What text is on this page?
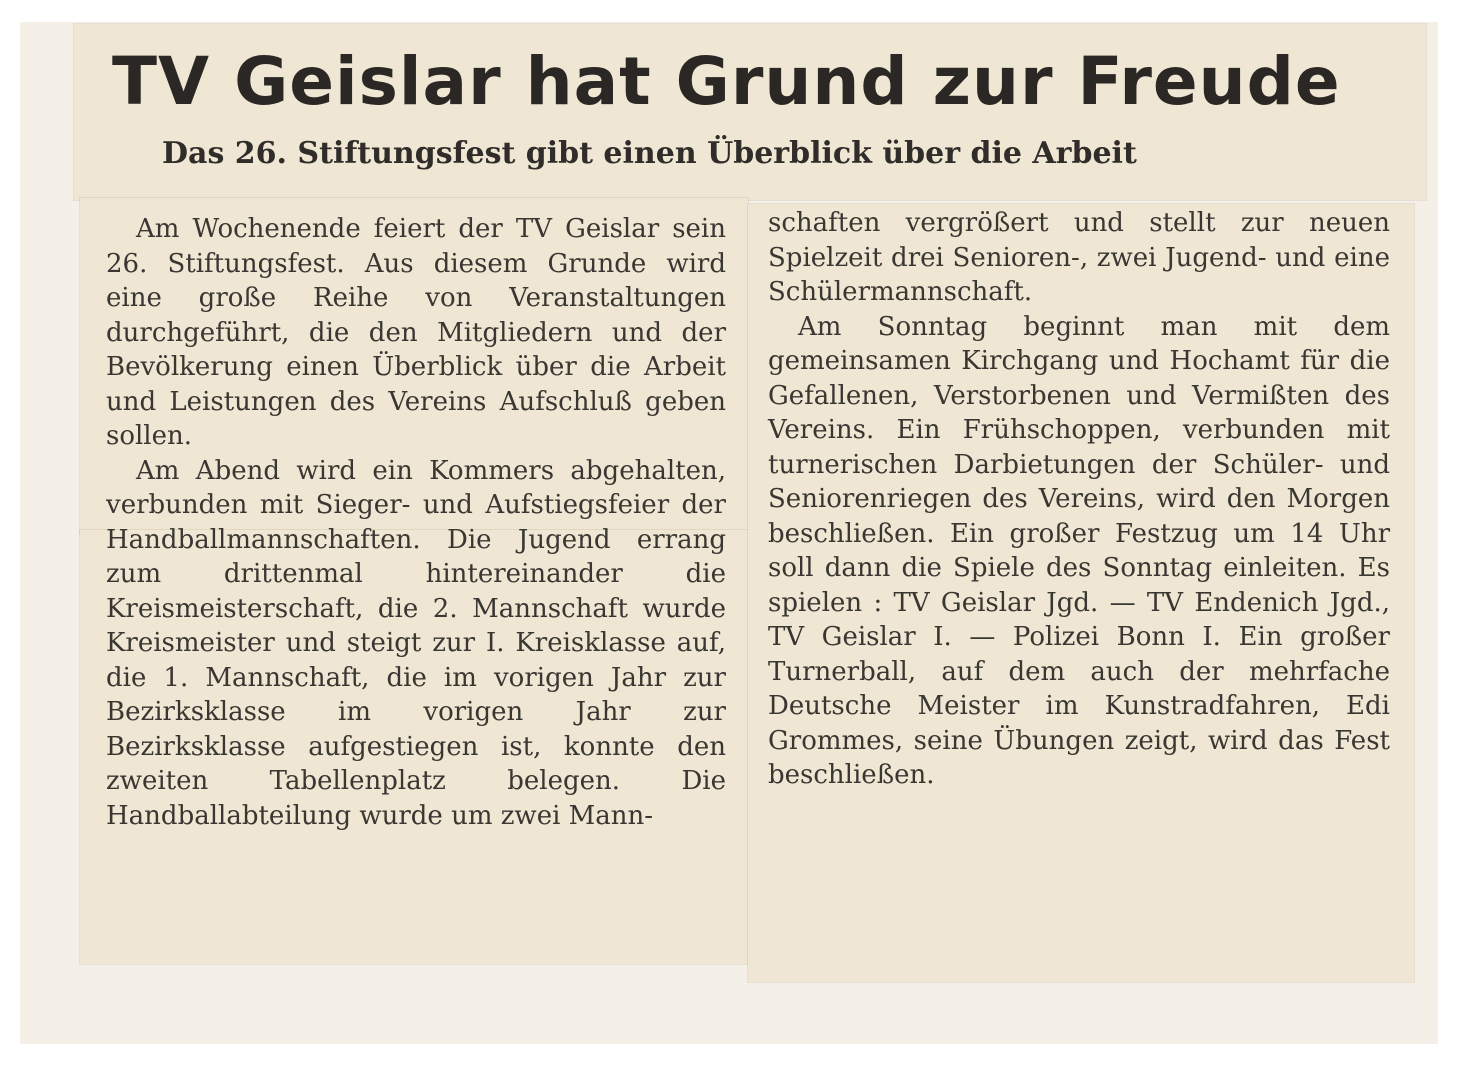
TV Geislar hat Grund zur Freude
Das 26. Stiftungsfest gibt einen Überblick über die Arbeit

Am Wochenende feiert der TV Geislar sein 26. Stiftungsfest. Aus diesem Grunde wird eine große Reihe von Veranstaltungen durchgeführt, die den Mitgliedern und der Bevölkerung einen Überblick über die Arbeit und Leistungen des Vereins Aufschluß geben sollen.

Am Abend wird ein Kommers abgehalten, verbunden mit Sieger- und Aufstiegsfeier der Handballmannschaften. Die Jugend errang zum drittenmal hintereinander die Kreismeisterschaft, die 2. Mannschaft wurde Kreismeister und steigt zur I. Kreisklasse auf, die 1. Mannschaft, die im vorigen Jahr zur Bezirksklasse im vorigen Jahr zur Bezirksklasse aufgestiegen ist, konnte den zweiten Tabellenplatz belegen. Die Handballabteilung wurde um zwei Mann-

schaften vergrößert und stellt zur neuen Spielzeit drei Senioren-, zwei Jugend- und eine Schülermannschaft.

Am Sonntag beginnt man mit dem gemeinsamen Kirchgang und Hochamt für die Gefallenen, Verstorbenen und Vermißten des Vereins. Ein Frühschoppen, verbunden mit turnerischen Darbietungen der Schüler- und Seniorenriegen des Vereins, wird den Morgen beschließen. Ein großer Festzug um 14 Uhr soll dann die Spiele des Sonntag einleiten. Es spielen : TV Geislar Jgd. — TV Endenich Jgd., TV Geislar I. — Polizei Bonn I. Ein großer Turnerball, auf dem auch der mehrfache Deutsche Meister im Kunstradfahren, Edi Grommes, seine Übungen zeigt, wird das Fest beschließen.
